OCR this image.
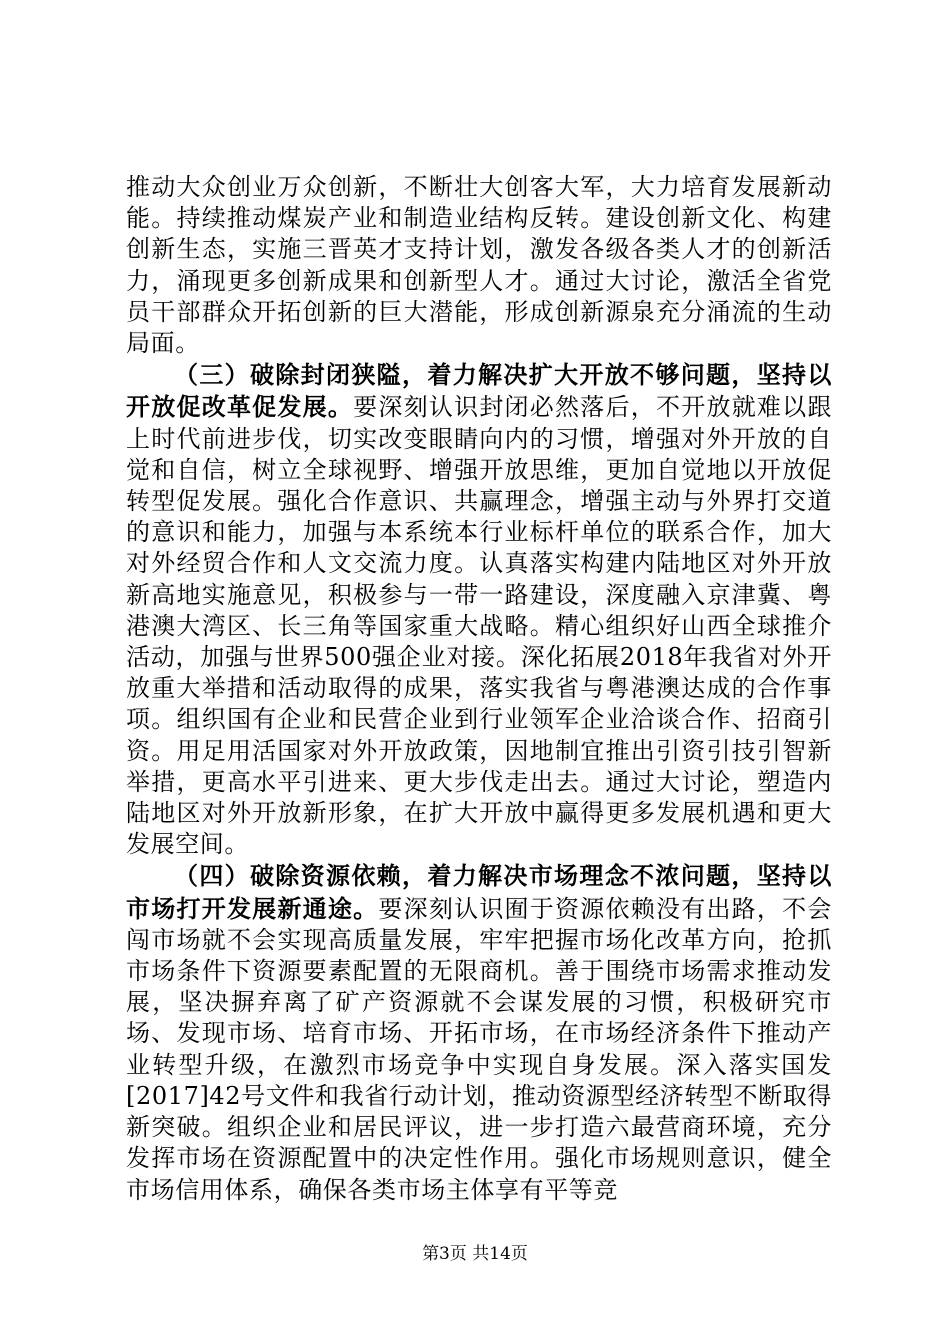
推动大众创业万众创新，不断壮大创客大军，大力培育发展新动能。持续推动煤炭产业和制造业结构反转。建设创新文化、构建创新生态，实施三晋英才支持计划，激发各级各类人才的创新活力，涌现更多创新成果和创新型人才。通过大讨论，激活全省党员干部群众开拓创新的巨大潜能，形成创新源泉充分涌流的生动局面。

（三）破除封闭狭隘，着力解决扩大开放不够问题，坚持以开放促改革促发展。要深刻认识封闭必然落后，不开放就难以跟上时代前进步伐，切实改变眼睛向内的习惯，增强对外开放的自觉和自信，树立全球视野、增强开放思维，更加自觉地以开放促转型促发展。强化合作意识、共赢理念，增强主动与外界打交道的意识和能力，加强与本系统本行业标杆单位的联系合作，加大对外经贸合作和人文交流力度。认真落实构建内陆地区对外开放新高地实施意见，积极参与一带一路建设，深度融入京津冀、粤港澳大湾区、长三角等国家重大战略。精心组织好山西全球推介活动，加强与世界500强企业对接。深化拓展2018年我省对外开放重大举措和活动取得的成果，落实我省与粤港澳达成的合作事项。组织国有企业和民营企业到行业领军企业洽谈合作、招商引资。用足用活国家对外开放政策，因地制宜推出引资引技引智新举措，更高水平引进来、更大步伐走出去。通过大讨论，塑造内陆地区对外开放新形象，在扩大开放中赢得更多发展机遇和更大发展空间。

（四）破除资源依赖，着力解决市场理念不浓问题，坚持以市场打开发展新通途。要深刻认识囿于资源依赖没有出路，不会闯市场就不会实现高质量发展，牢牢把握市场化改革方向，抢抓市场条件下资源要素配置的无限商机。善于围绕市场需求推动发展，坚决摒弃离了矿产资源就不会谋发展的习惯，积极研究市场、发现市场、培育市场、开拓市场，在市场经济条件下推动产业转型升级，在激烈市场竞争中实现自身发展。深入落实国发[2017]42号文件和我省行动计划，推动资源型经济转型不断取得新突破。组织企业和居民评议，进一步打造六最营商环境，充分发挥市场在资源配置中的决定性作用。强化市场规则意识，健全市场信用体系，确保各类市场主体享有平等竞

第3页 共14页
